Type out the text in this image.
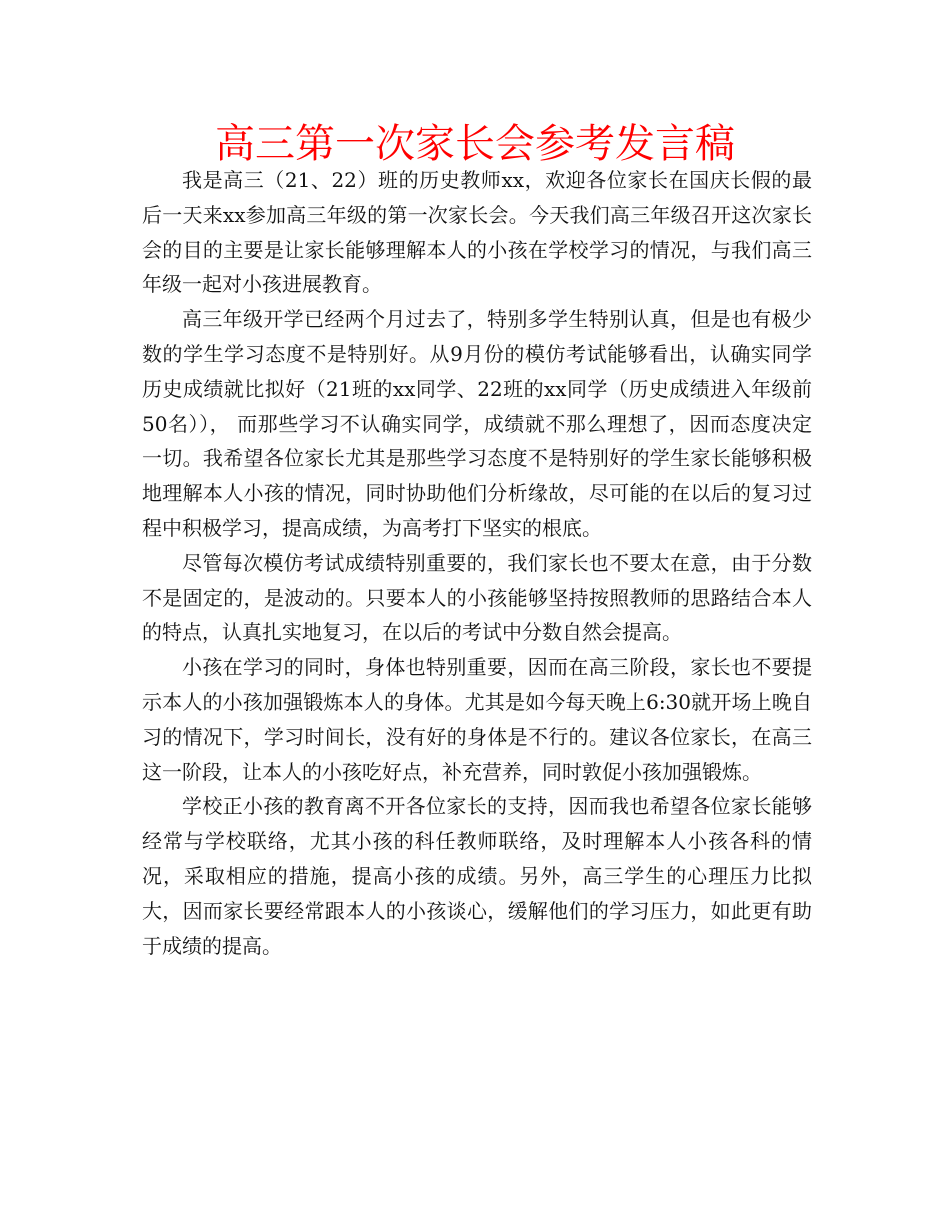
高三第一次家长会参考发言稿

我是高三（21、22）班的历史教师xx，欢迎各位家长在国庆长假的最后一天来xx参加高三年级的第一次家长会。今天我们高三年级召开这次家长会的目的主要是让家长能够理解本人的小孩在学校学习的情况，与我们高三年级一起对小孩进展教育。

高三年级开学已经两个月过去了，特别多学生特别认真，但是也有极少数的学生学习态度不是特别好。从9月份的模仿考试能够看出，认确实同学历史成绩就比拟好（21班的xx同学、22班的xx同学（历史成绩进入年级前50名））， 而那些学习不认确实同学，成绩就不那么理想了，因而态度决定一切。我希望各位家长尤其是那些学习态度不是特别好的学生家长能够积极地理解本人小孩的情况，同时协助他们分析缘故，尽可能的在以后的复习过程中积极学习，提高成绩，为高考打下坚实的根底。

尽管每次模仿考试成绩特别重要的，我们家长也不要太在意，由于分数不是固定的，是波动的。只要本人的小孩能够坚持按照教师的思路结合本人的特点，认真扎实地复习，在以后的考试中分数自然会提高。

小孩在学习的同时，身体也特别重要，因而在高三阶段，家长也不要提示本人的小孩加强锻炼本人的身体。尤其是如今每天晚上6:30就开场上晚自习的情况下，学习时间长，没有好的身体是不行的。建议各位家长，在高三这一阶段，让本人的小孩吃好点，补充营养，同时敦促小孩加强锻炼。

学校正小孩的教育离不开各位家长的支持，因而我也希望各位家长能够经常与学校联络，尤其小孩的科任教师联络，及时理解本人小孩各科的情况，采取相应的措施，提高小孩的成绩。另外，高三学生的心理压力比拟大，因而家长要经常跟本人的小孩谈心，缓解他们的学习压力，如此更有助于成绩的提高。
